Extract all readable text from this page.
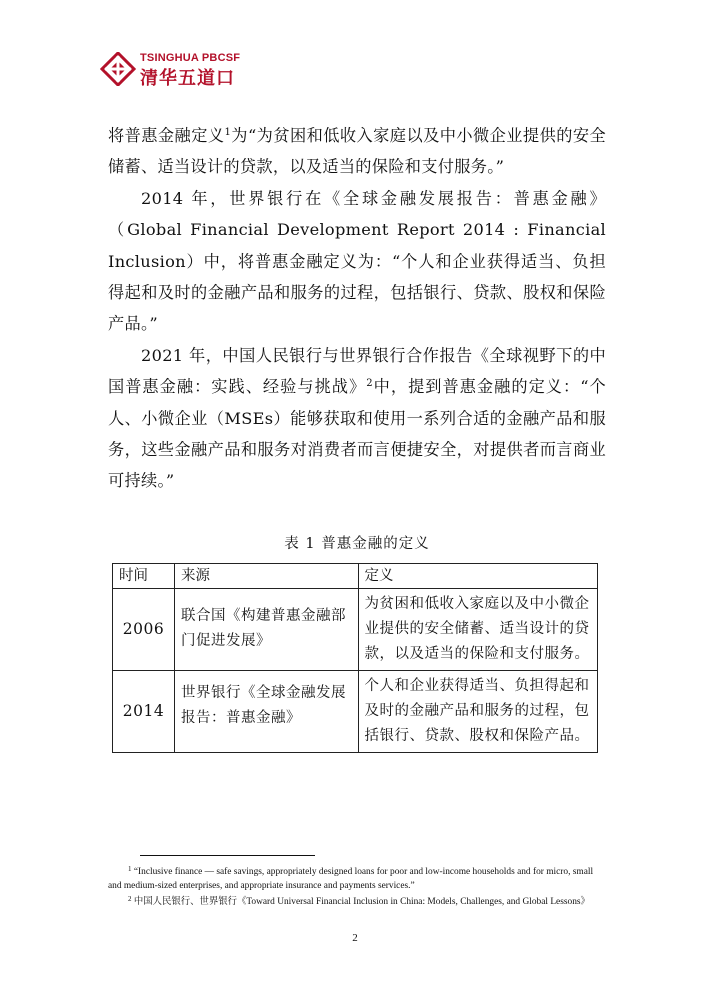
TSINGHUA PBCSF
清华五道口

将普惠金融定义$^1$为“为贫困和低收入家庭以及中小微企业提供的安全储蓄、适当设计的贷款，以及适当的保险和支付服务。”

2014 年，世界银行在《全球金融发展报告：普惠金融》（Global Financial Development Report 2014 : Financial Inclusion）中，将普惠金融定义为：“个人和企业获得适当、负担得起和及时的金融产品和服务的过程，包括银行、贷款、股权和保险产品。”

2021 年，中国人民银行与世界银行合作报告《全球视野下的中国普惠金融：实践、经验与挑战》$^2$中，提到普惠金融的定义：“个人、小微企业（MSEs）能够获取和使用一系列合适的金融产品和服务，这些金融产品和服务对消费者而言便捷安全，对提供者而言商业可持续。”

表 1 普惠金融的定义
时间	来源	定义
2006	联合国《构建普惠金融部门促进发展》	为贫困和低收入家庭以及中小微企业提供的安全储蓄、适当设计的贷款，以及适当的保险和支付服务。
2014	世界银行《全球金融发展报告：普惠金融》	个人和企业获得适当、负担得起和及时的金融产品和服务的过程，包括银行、贷款、股权和保险产品。

$^1$ “Inclusive finance — safe savings, appropriately designed loans for poor and low-income households and for micro, small and medium-sized enterprises, and appropriate insurance and payments services.”

$^2$ 中国人民银行、世界银行《Toward Universal Financial Inclusion in China: Models, Challenges, and Global Lessons》

2
